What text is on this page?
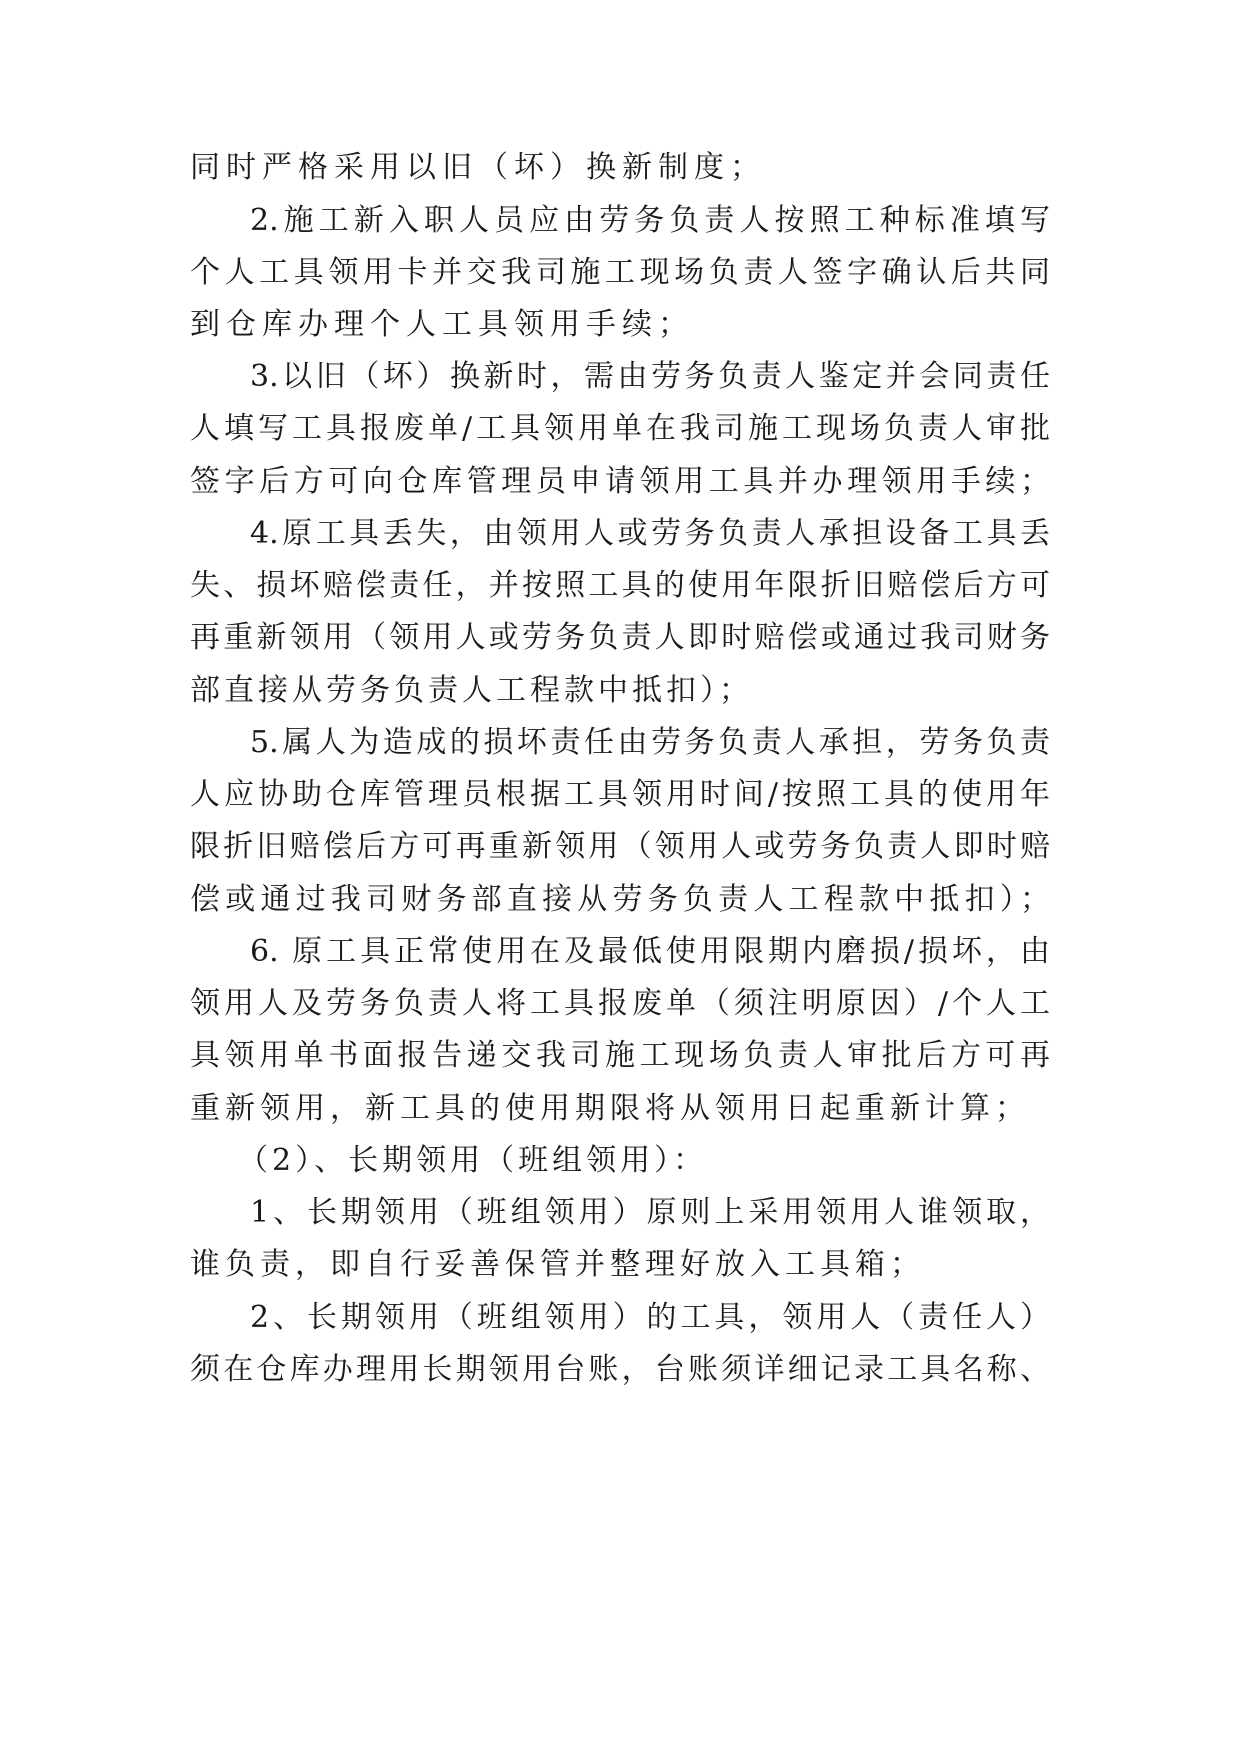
同时严格采用以旧（坏）换新制度；
2.施工新入职人员应由劳务负责人按照工种标准填写
个人工具领用卡并交我司施工现场负责人签字确认后共同
到仓库办理个人工具领用手续；
3.以旧（坏）换新时，需由劳务负责人鉴定并会同责任
人填写工具报废单/工具领用单在我司施工现场负责人审批
签字后方可向仓库管理员申请领用工具并办理领用手续；
4.原工具丢失，由领用人或劳务负责人承担设备工具丢
失、损坏赔偿责任，并按照工具的使用年限折旧赔偿后方可
再重新领用（领用人或劳务负责人即时赔偿或通过我司财务
部直接从劳务负责人工程款中抵扣）；
5.属人为造成的损坏责任由劳务负责人承担，劳务负责
人应协助仓库管理员根据工具领用时间/按照工具的使用年
限折旧赔偿后方可再重新领用（领用人或劳务负责人即时赔
偿或通过我司财务部直接从劳务负责人工程款中抵扣）；
6. 原工具正常使用在及最低使用限期内磨损/损坏，由
领用人及劳务负责人将工具报废单（须注明原因）/个人工
具领用单书面报告递交我司施工现场负责人审批后方可再
重新领用，新工具的使用期限将从领用日起重新计算；
（2）、长期领用（班组领用）：
1、长期领用（班组领用）原则上采用领用人谁领取，
谁负责，即自行妥善保管并整理好放入工具箱；
2、长期领用（班组领用）的工具，领用人（责任人）
须在仓库办理用长期领用台账，台账须详细记录工具名称、
